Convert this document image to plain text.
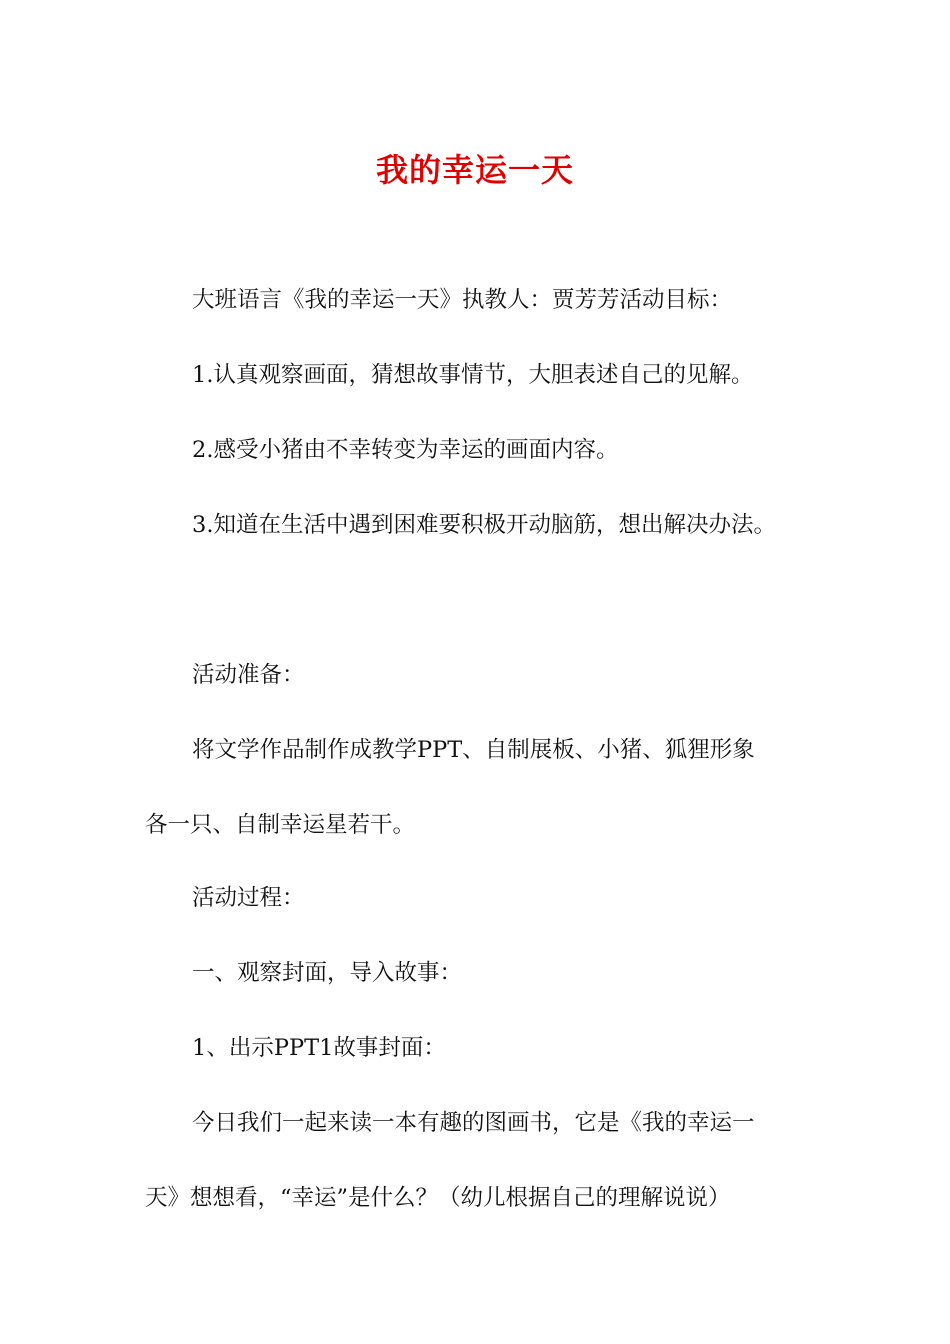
我的幸运一天

大班语言《我的幸运一天》执教人：贾芳芳活动目标：

1.认真观察画面，猜想故事情节，大胆表述自己的见解。

2.感受小猪由不幸转变为幸运的画面内容。

3.知道在生活中遇到困难要积极开动脑筋，想出解决办法。

活动准备：

将文学作品制作成教学PPT、自制展板、小猪、狐狸形象

各一只、自制幸运星若干。

活动过程：

一、观察封面，导入故事：

1、出示PPT1故事封面：

今日我们一起来读一本有趣的图画书，它是《我的幸运一

天》想想看，“幸运”是什么？（幼儿根据自己的理解说说）
